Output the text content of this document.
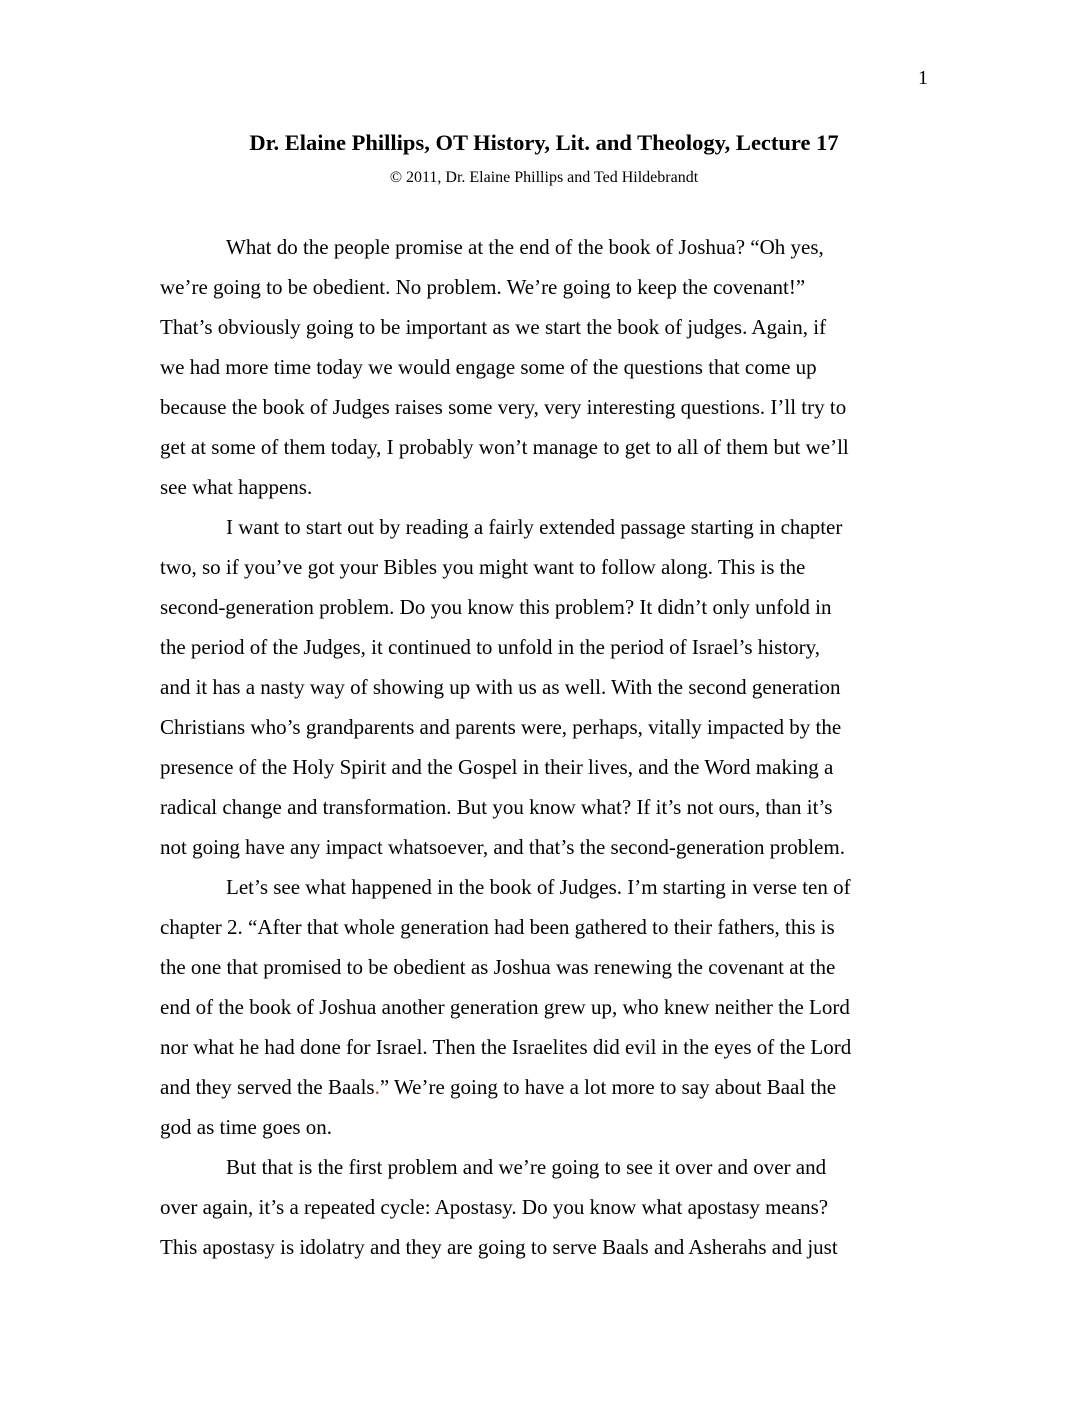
1
Dr. Elaine Phillips, OT History, Lit. and Theology, Lecture 17
© 2011, Dr. Elaine Phillips and Ted Hildebrandt
What do the people promise at the end of the book of Joshua? “Oh yes,
we’re going to be obedient. No problem. We’re going to keep the covenant!”
That’s obviously going to be important as we start the book of judges. Again, if
we had more time today we would engage some of the questions that come up
because the book of Judges raises some very, very interesting questions. I’ll try to
get at some of them today, I probably won’t manage to get to all of them but we’ll
see what happens.
I want to start out by reading a fairly extended passage starting in chapter
two, so if you’ve got your Bibles you might want to follow along. This is the
second-generation problem. Do you know this problem? It didn’t only unfold in
the period of the Judges, it continued to unfold in the period of Israel’s history,
and it has a nasty way of showing up with us as well. With the second generation
Christians who’s grandparents and parents were, perhaps, vitally impacted by the
presence of the Holy Spirit and the Gospel in their lives, and the Word making a
radical change and transformation. But you know what? If it’s not ours, than it’s
not going have any impact whatsoever, and that’s the second-generation problem.
Let’s see what happened in the book of Judges. I’m starting in verse ten of
chapter 2. “After that whole generation had been gathered to their fathers, this is
the one that promised to be obedient as Joshua was renewing the covenant at the
end of the book of Joshua another generation grew up, who knew neither the Lord
nor what he had done for Israel. Then the Israelites did evil in the eyes of the Lord
and they served the Baals.” We’re going to have a lot more to say about Baal the
god as time goes on.
But that is the first problem and we’re going to see it over and over and
over again, it’s a repeated cycle: Apostasy. Do you know what apostasy means?
This apostasy is idolatry and they are going to serve Baals and Asherahs and just
